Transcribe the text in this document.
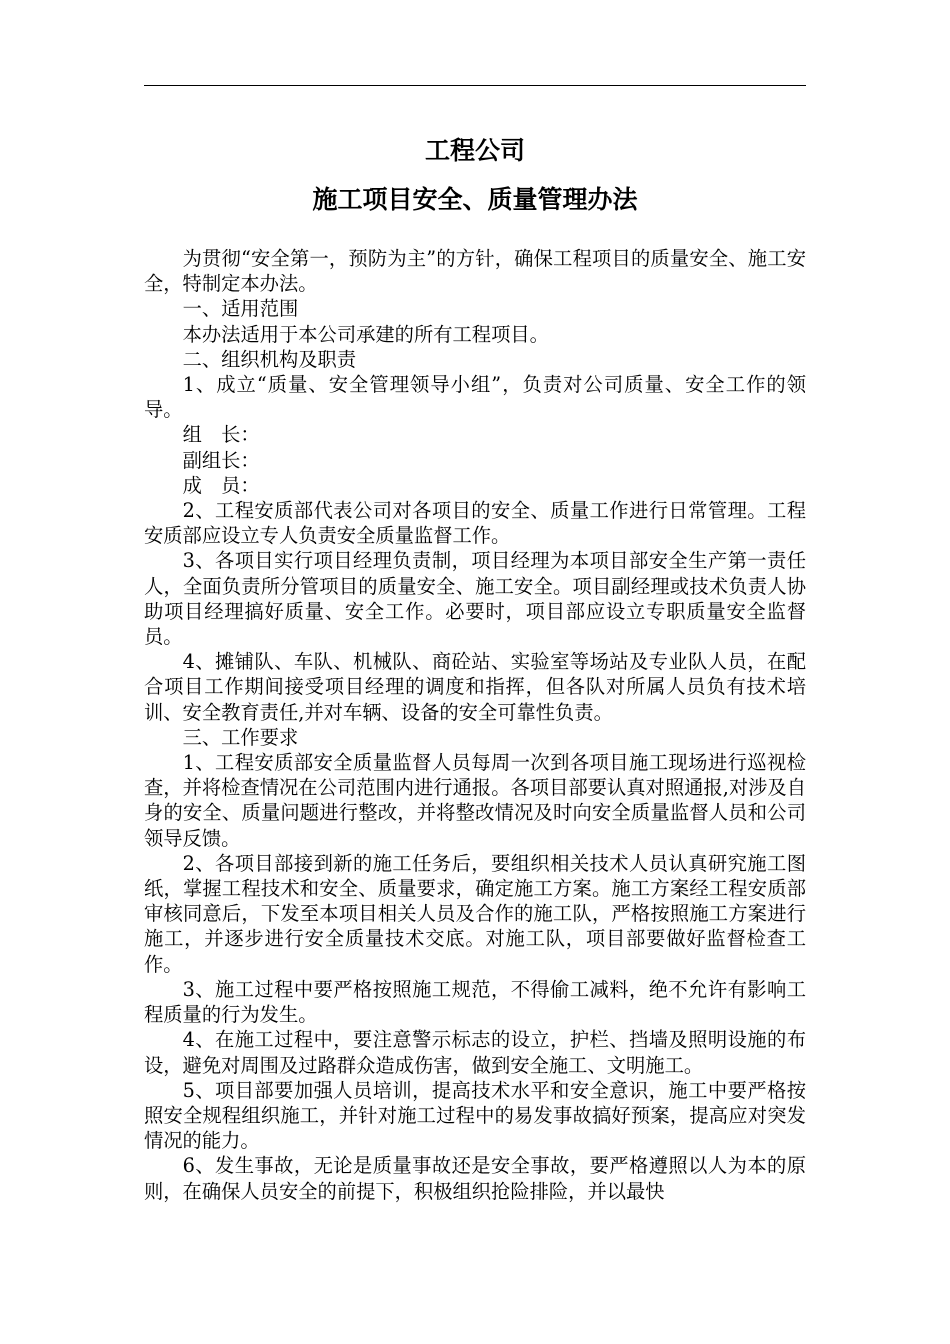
工程公司
施工项目安全、质量管理办法

为贯彻“安全第一，预防为主”的方针，确保工程项目的质量安全、施工安全，特制定本办法。

一、适用范围

本办法适用于本公司承建的所有工程项目。

二、组织机构及职责

1、成立“质量、安全管理领导小组”，负责对公司质量、安全工作的领导。

组　长：

副组长：

成　员：

2、工程安质部代表公司对各项目的安全、质量工作进行日常管理。工程安质部应设立专人负责安全质量监督工作。

3、各项目实行项目经理负责制，项目经理为本项目部安全生产第一责任人，全面负责所分管项目的质量安全、施工安全。项目副经理或技术负责人协助项目经理搞好质量、安全工作。必要时，项目部应设立专职质量安全监督员。

4、摊铺队、车队、机械队、商砼站、实验室等场站及专业队人员，在配合项目工作期间接受项目经理的调度和指挥，但各队对所属人员负有技术培训、安全教育责任,并对车辆、设备的安全可靠性负责。

三、工作要求

1、工程安质部安全质量监督人员每周一次到各项目施工现场进行巡视检查，并将检查情况在公司范围内进行通报。各项目部要认真对照通报,对涉及自身的安全、质量问题进行整改，并将整改情况及时向安全质量监督人员和公司领导反馈。

2、各项目部接到新的施工任务后，要组织相关技术人员认真研究施工图纸，掌握工程技术和安全、质量要求，确定施工方案。施工方案经工程安质部审核同意后，下发至本项目相关人员及合作的施工队，严格按照施工方案进行施工，并逐步进行安全质量技术交底。对施工队，项目部要做好监督检查工作。

3、施工过程中要严格按照施工规范，不得偷工减料，绝不允许有影响工程质量的行为发生。

4、在施工过程中，要注意警示标志的设立，护栏、挡墙及照明设施的布设，避免对周围及过路群众造成伤害，做到安全施工、文明施工。

5、项目部要加强人员培训，提高技术水平和安全意识，施工中要严格按照安全规程组织施工，并针对施工过程中的易发事故搞好预案，提高应对突发情况的能力。

6、发生事故，无论是质量事故还是安全事故，要严格遵照以人为本的原则，在确保人员安全的前提下，积极组织抢险排险，并以最快
